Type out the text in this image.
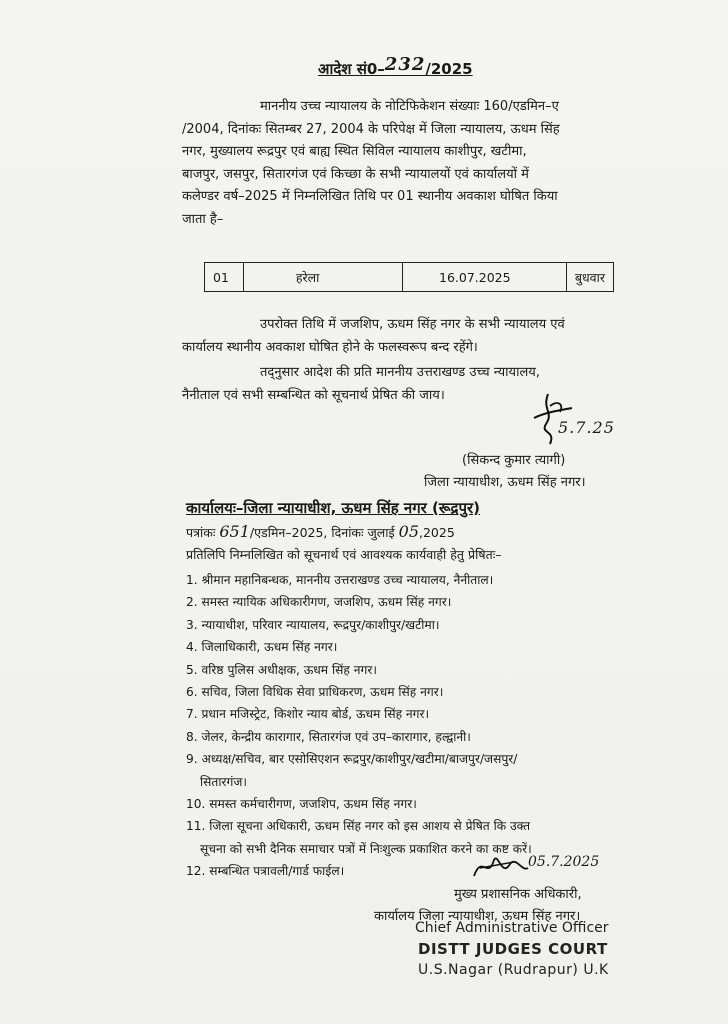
आदेश सं0–232/2025
माननीय उच्च न्यायालय के नोटिफिकेशन संख्याः 160/एडमिन–ए
/2004, दिनांकः सितम्बर 27, 2004 के परिपेक्ष में जिला न्यायालय, ऊधम सिंह
नगर, मुख्यालय रूद्रपुर एवं बाह्य स्थित सिविल न्यायालय काशीपुर, खटीमा,
बाजपुर, जसपुर, सितारगंज एवं किच्छा के सभी न्यायालयों एवं कार्यालयों में
कलेण्डर वर्ष–2025 में निम्नलिखित तिथि पर 01 स्थानीय अवकाश घोषित किया
जाता है–
01	हरेला	16.07.2025	बुधवार
उपरोक्त तिथि में जजशिप, ऊधम सिंह नगर के सभी न्यायालय एवं
कार्यालय स्थानीय अवकाश घोषित होने के फलस्वरूप बन्द रहेंगे।
तद्नुसार आदेश की प्रति माननीय उत्तराखण्ड उच्च न्यायालय,
नैनीताल एवं सभी सम्बन्धित को सूचनार्थ प्रेषित की जाय।
5.7.25
(सिकन्द कुमार त्यागी)
जिला न्यायाधीश, ऊधम सिंह नगर।
कार्यालयः–जिला न्यायाधीश, ऊधम सिंह नगर (रूद्रपुर)
पत्रांकः 651/एडमिन–2025, दिनांकः जुलाई 05,2025
प्रतिलिपि निम्नलिखित को सूचनार्थ एवं आवश्यक कार्यवाही हेतु प्रेषितः–
1. श्रीमान महानिबन्धक, माननीय उत्तराखण्ड उच्च न्यायालय, नैनीताल।
2. समस्त न्यायिक अधिकारीगण, जजशिप, ऊधम सिंह नगर।
3. न्यायाधीश, परिवार न्यायालय, रूद्रपुर/काशीपुर/खटीमा।
4. जिलाधिकारी, ऊधम सिंह नगर।
5. वरिष्ठ पुलिस अधीक्षक, ऊधम सिंह नगर।
6. सचिव, जिला विधिक सेवा प्राधिकरण, ऊधम सिंह नगर।
7. प्रधान मजिस्ट्रेट, किशोर न्याय बोर्ड, ऊधम सिंह नगर।
8. जेलर, केन्द्रीय कारागार, सितारगंज एवं उप–कारागार, हल्द्वानी।
9. अध्यक्ष/सचिव, बार एसोसिएशन रूद्रपुर/काशीपुर/खटीमा/बाजपुर/जसपुर/
सितारगंज।
10. समस्त कर्मचारीगण, जजशिप, ऊधम सिंह नगर।
11. जिला सूचना अधिकारी, ऊधम सिंह नगर को इस आशय से प्रेषित कि उक्त
सूचना को सभी दैनिक समाचार पत्रों में निःशुल्क प्रकाशित करने का कष्ट करें।
12. सम्बन्धित पत्रावली/गार्ड फाईल।
05.7.2025
मुख्य प्रशासनिक अधिकारी,
कार्यालय जिला न्यायाधीश, ऊधम सिंह नगर।
Chief Administrative Officer
DISTT JUDGES COURT
U.S.Nagar (Rudrapur) U.K
